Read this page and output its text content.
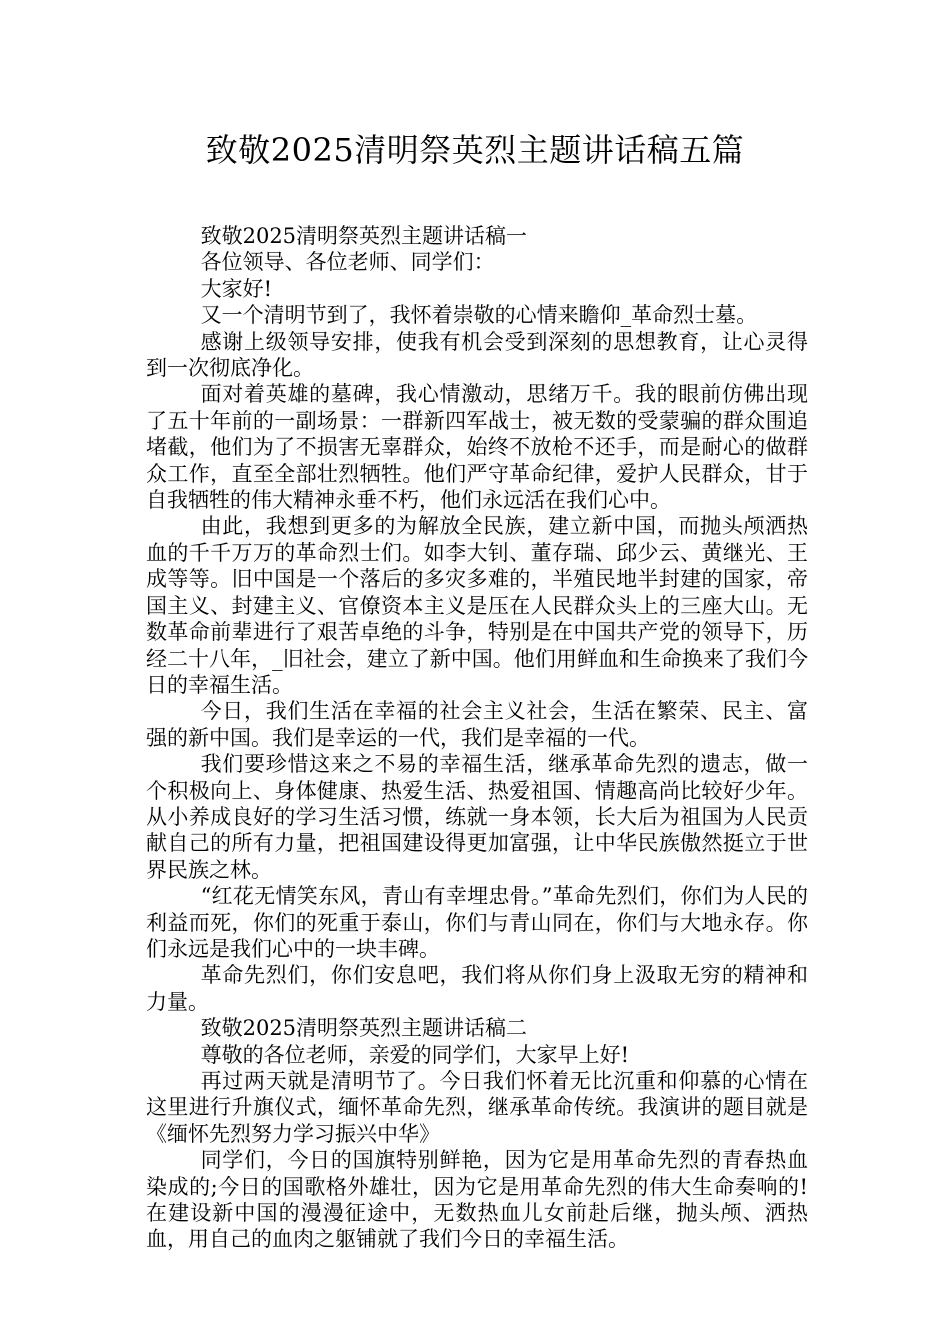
致敬2025清明祭英烈主题讲话稿五篇

致敬2025清明祭英烈主题讲话稿一

各位领导、各位老师、同学们：

大家好!

又一个清明节到了，我怀着崇敬的心情来瞻仰_革命烈士墓。

感谢上级领导安排，使我有机会受到深刻的思想教育，让心灵得到一次彻底净化。

面对着英雄的墓碑，我心情激动，思绪万千。我的眼前仿佛出现了五十年前的一副场景：一群新四军战士，被无数的受蒙骗的群众围追堵截，他们为了不损害无辜群众，始终不放枪不还手，而是耐心的做群众工作，直至全部壮烈牺牲。他们严守革命纪律，爱护人民群众，甘于自我牺牲的伟大精神永垂不朽，他们永远活在我们心中。

由此，我想到更多的为解放全民族，建立新中国，而抛头颅洒热血的千千万万的革命烈士们。如李大钊、董存瑞、邱少云、黄继光、王成等等。旧中国是一个落后的多灾多难的，半殖民地半封建的国家，帝国主义、封建主义、官僚资本主义是压在人民群众头上的三座大山。无数革命前辈进行了艰苦卓绝的斗争，特别是在中国共产党的领导下，历经二十八年，_旧社会，建立了新中国。他们用鲜血和生命换来了我们今日的幸福生活。

今日，我们生活在幸福的社会主义社会，生活在繁荣、民主、富强的新中国。我们是幸运的一代，我们是幸福的一代。

我们要珍惜这来之不易的幸福生活，继承革命先烈的遗志，做一个积极向上、身体健康、热爱生活、热爱祖国、情趣高尚比较好少年。从小养成良好的学习生活习惯，练就一身本领，长大后为祖国为人民贡献自己的所有力量，把祖国建设得更加富强，让中华民族傲然挺立于世界民族之林。

“红花无情笑东风，青山有幸埋忠骨。”革命先烈们，你们为人民的利益而死，你们的死重于泰山，你们与青山同在，你们与大地永存。你们永远是我们心中的一块丰碑。

革命先烈们，你们安息吧，我们将从你们身上汲取无穷的精神和力量。

致敬2025清明祭英烈主题讲话稿二

尊敬的各位老师，亲爱的同学们，大家早上好!

再过两天就是清明节了。今日我们怀着无比沉重和仰慕的心情在这里进行升旗仪式，缅怀革命先烈，继承革命传统。我演讲的题目就是《缅怀先烈努力学习振兴中华》

同学们，今日的国旗特别鲜艳，因为它是用革命先烈的青春热血染成的;今日的国歌格外雄壮，因为它是用革命先烈的伟大生命奏响的!在建设新中国的漫漫征途中，无数热血儿女前赴后继，抛头颅、洒热血，用自己的血肉之躯铺就了我们今日的幸福生活。
